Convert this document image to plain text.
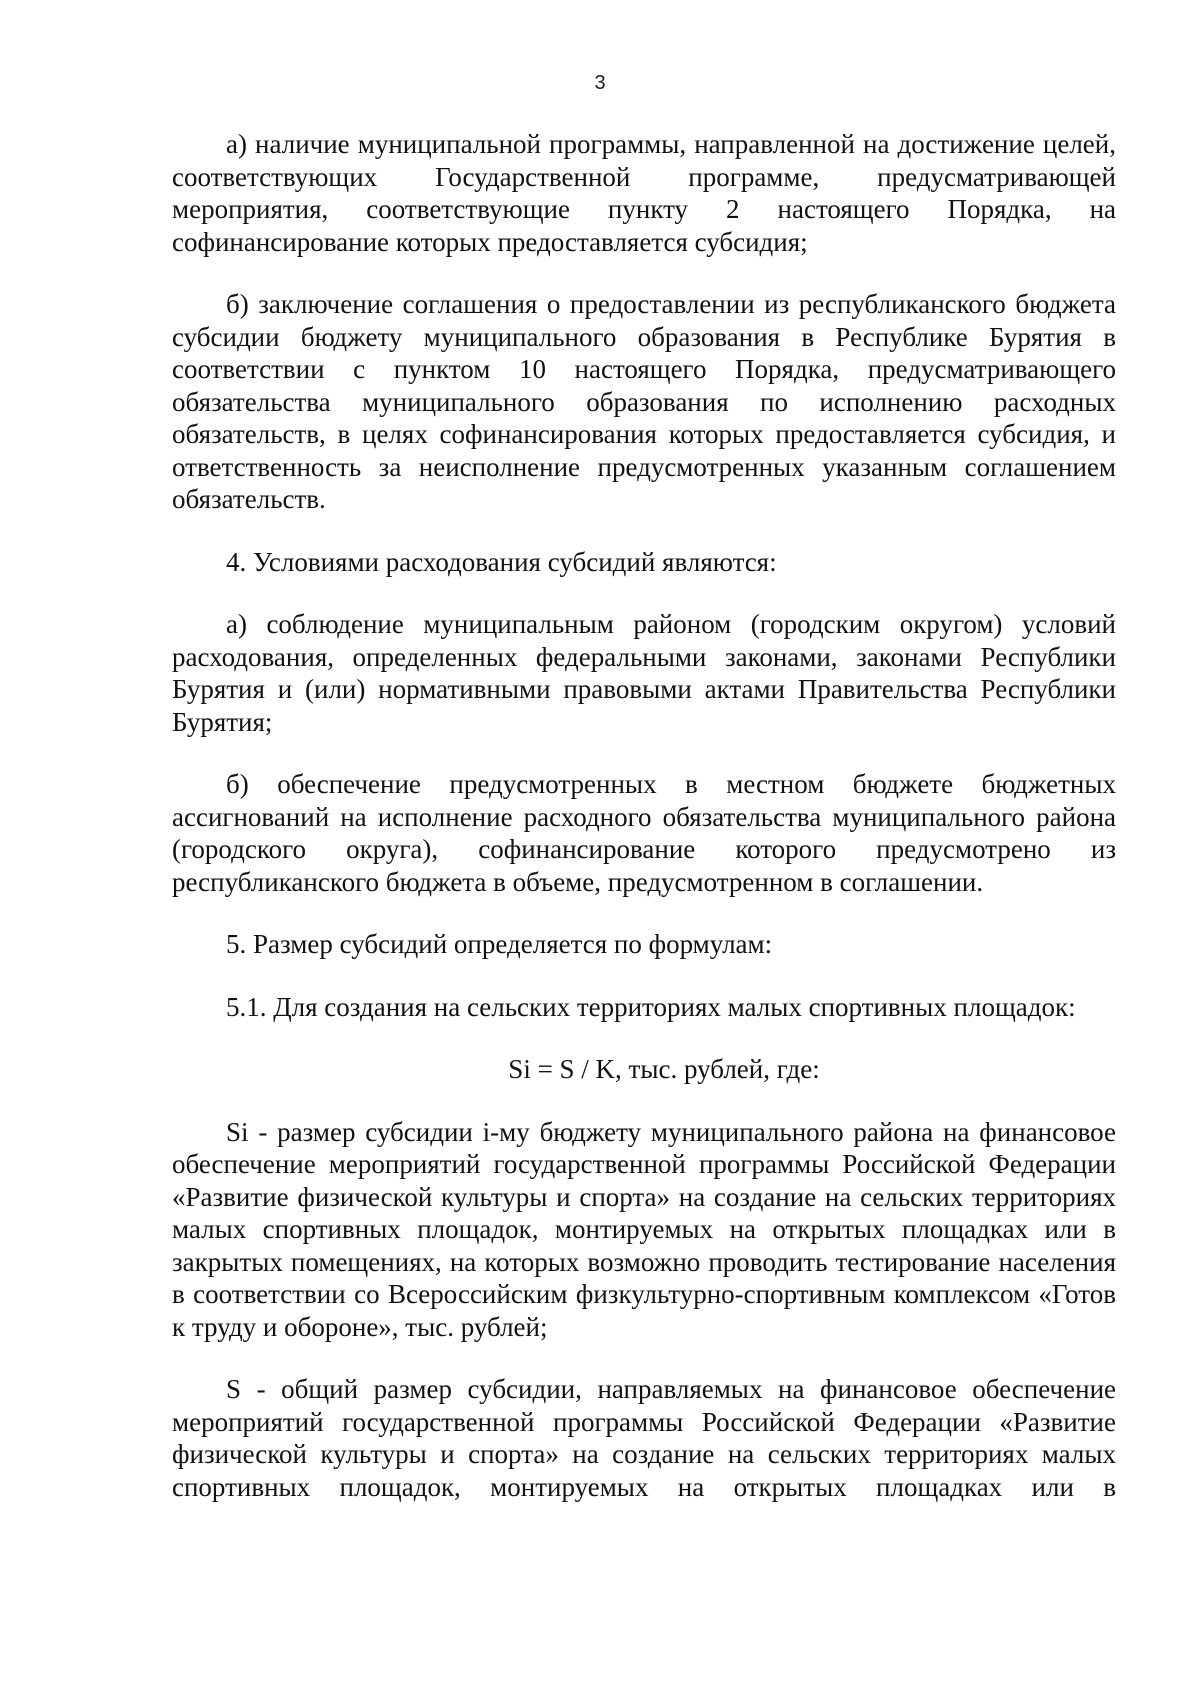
3

а) наличие муниципальной программы, направленной на достижение целей, соответствующих Государственной программе, предусматривающей мероприятия, соответствующие пункту 2 настоящего Порядка, на софинансирование которых предоставляется субсидия;

б) заключение соглашения о предоставлении из республиканского бюджета субсидии бюджету муниципального образования в Республике Бурятия в соответствии с пунктом 10 настоящего Порядка, предусматривающего обязательства муниципального образования по исполнению расходных обязательств, в целях софинансирования которых предоставляется субсидия, и ответственность за неисполнение предусмотренных указанным соглашением обязательств.

4. Условиями расходования субсидий являются:

а) соблюдение муниципальным районом (городским округом) условий расходования, определенных федеральными законами, законами Республики Бурятия и (или) нормативными правовыми актами Правительства Республики Бурятия;

б) обеспечение предусмотренных в местном бюджете бюджетных ассигнований на исполнение расходного обязательства муниципального района (городского округа), софинансирование которого предусмотрено из республиканского бюджета в объеме, предусмотренном в соглашении.

5. Размер субсидий определяется по формулам:

5.1. Для создания на сельских территориях малых спортивных площадок:

Si = S / K, тыс. рублей, где:

Si - размер субсидии i-му бюджету муниципального района на финансовое обеспечение мероприятий государственной программы Российской Федерации «Развитие физической культуры и спорта» на создание на сельских территориях малых спортивных площадок, монтируемых на открытых площадках или в закрытых помещениях, на которых возможно проводить тестирование населения в соответствии со Всероссийским физкультурно-спортивным комплексом «Готов к труду и обороне», тыс. рублей;

S - общий размер субсидии, направляемых на финансовое обеспечение мероприятий государственной программы Российской Федерации «Развитие физической культуры и спорта» на создание на сельских территориях малых спортивных площадок, монтируемых на открытых площадках или в
